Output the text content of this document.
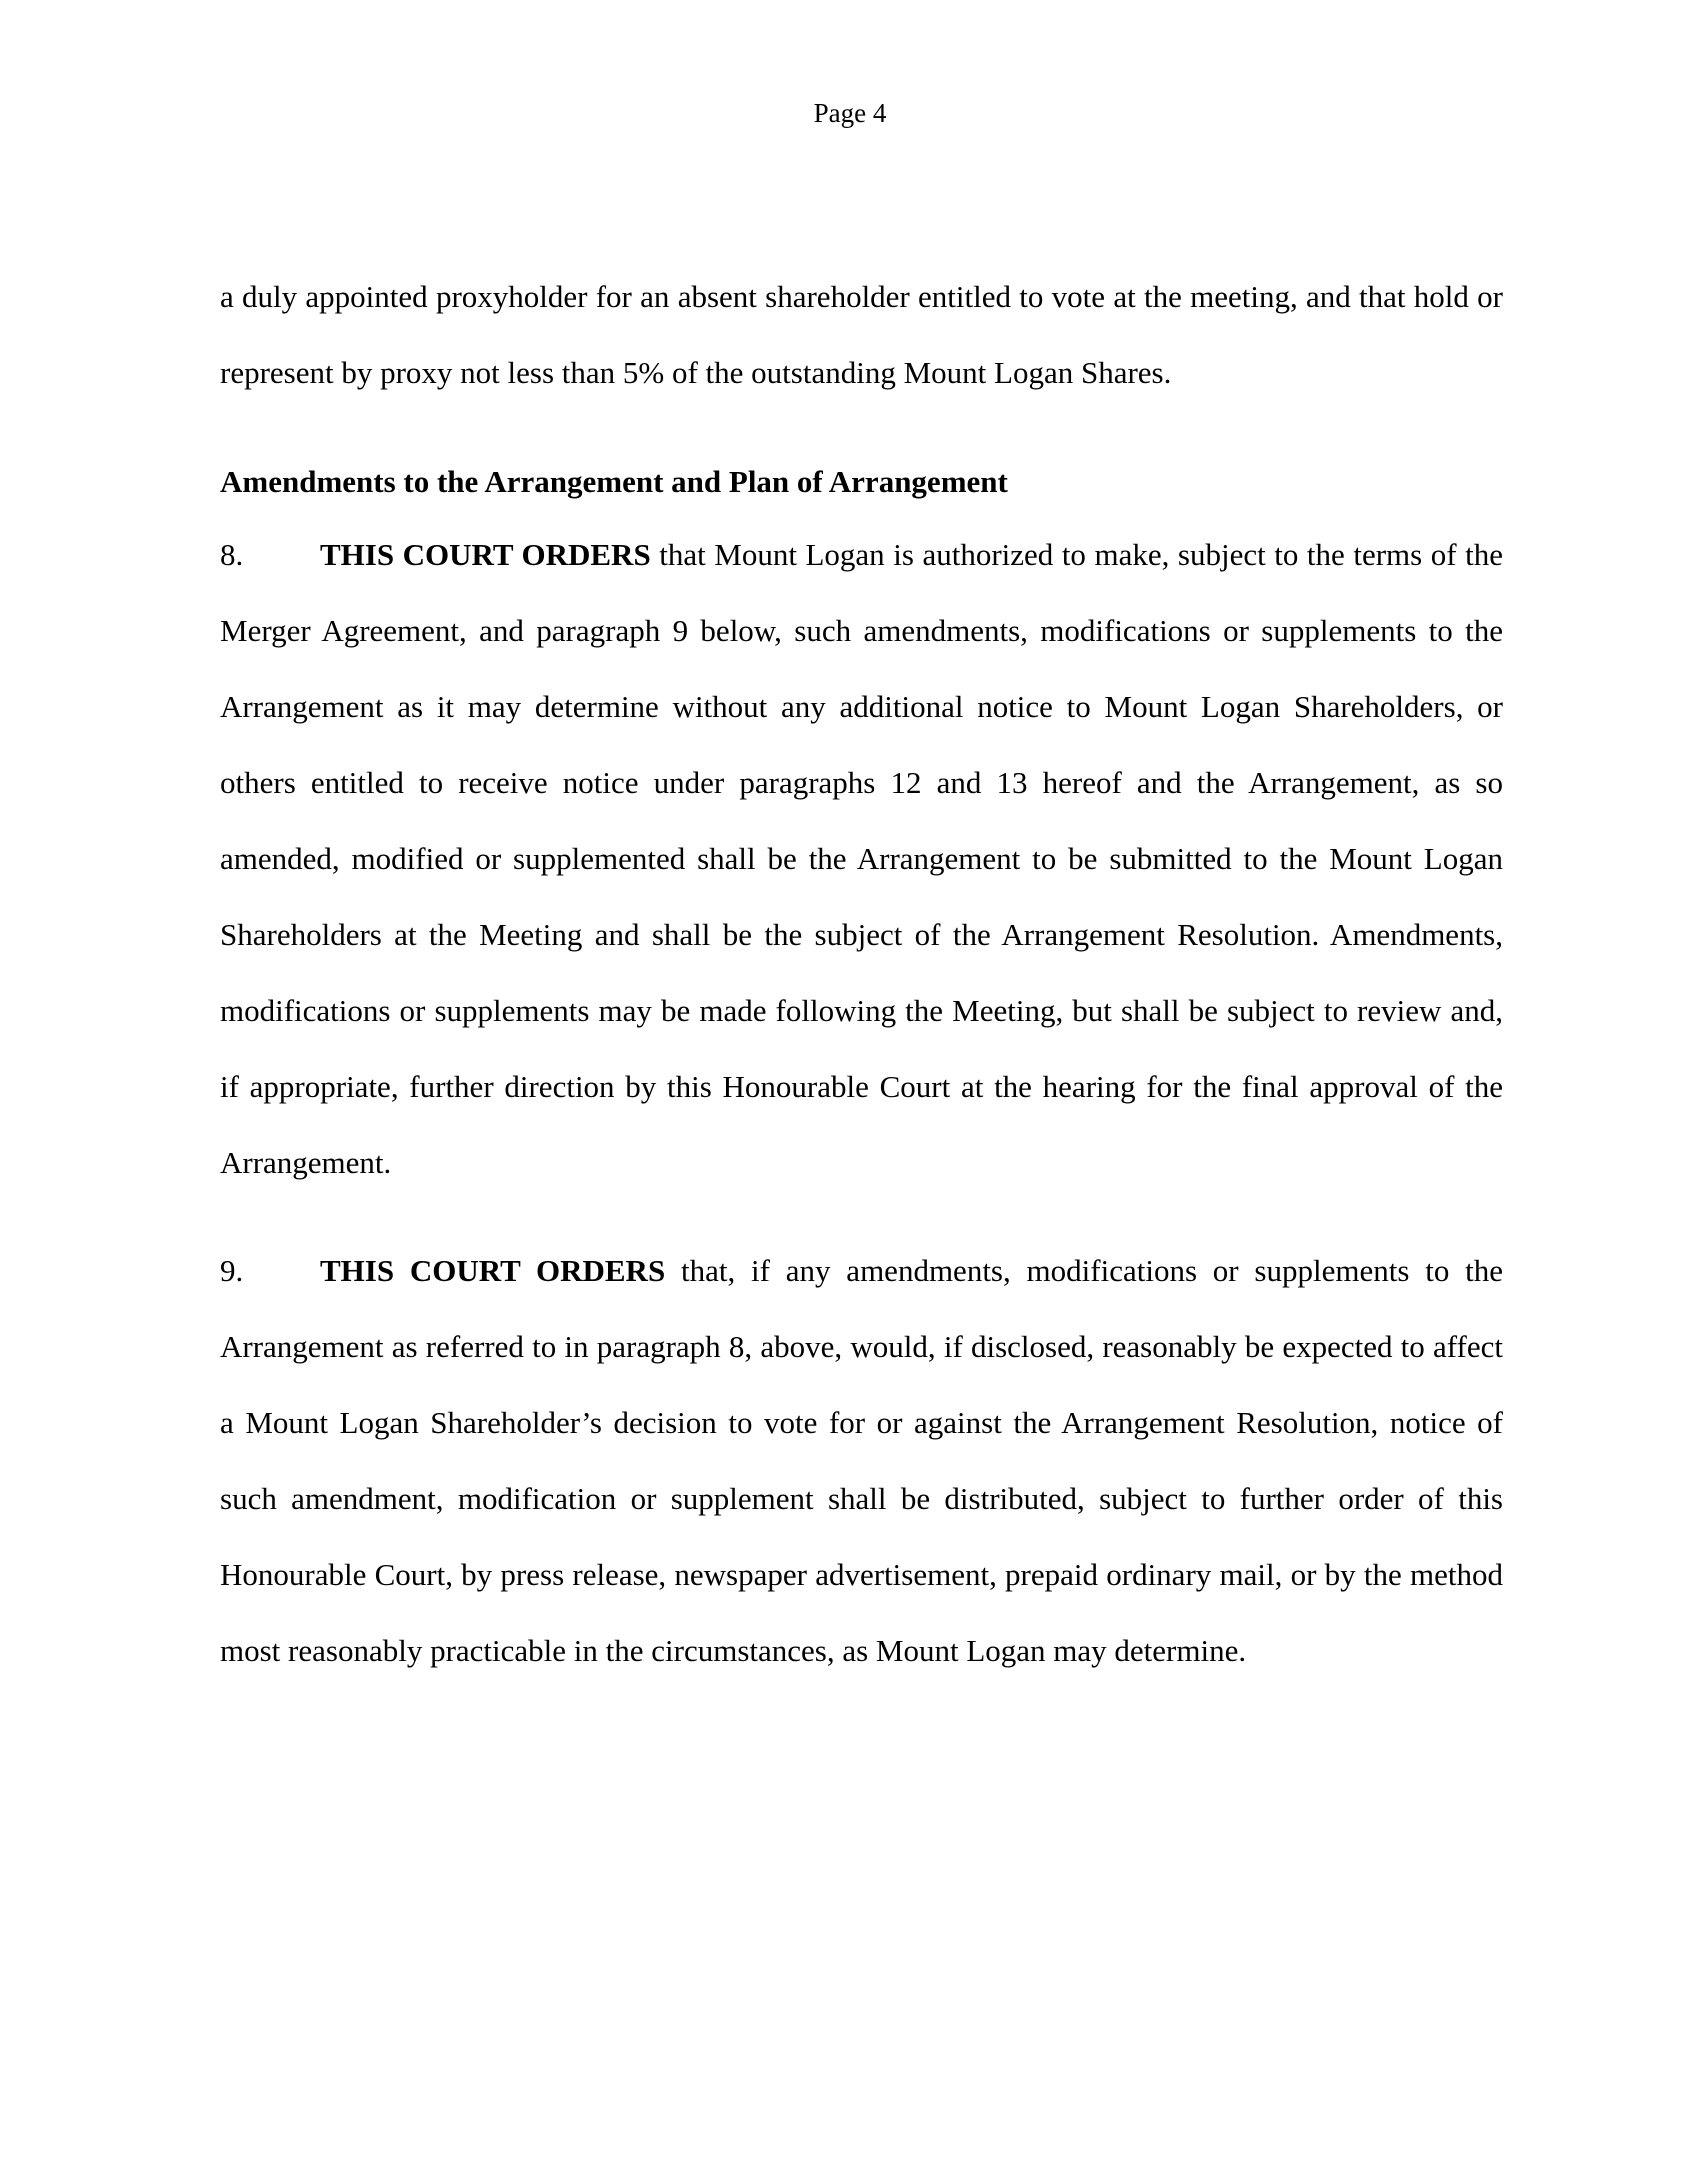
Page 4

a duly appointed proxyholder for an absent shareholder entitled to vote at the meeting, and that hold or represent by proxy not less than 5% of the outstanding Mount Logan Shares.

Amendments to the Arrangement and Plan of Arrangement

8. THIS COURT ORDERS that Mount Logan is authorized to make, subject to the terms of the Merger Agreement, and paragraph 9 below, such amendments, modifications or supplements to the Arrangement as it may determine without any additional notice to Mount Logan Shareholders, or others entitled to receive notice under paragraphs 12 and 13 hereof and the Arrangement, as so amended, modified or supplemented shall be the Arrangement to be submitted to the Mount Logan Shareholders at the Meeting and shall be the subject of the Arrangement Resolution. Amendments, modifications or supplements may be made following the Meeting, but shall be subject to review and, if appropriate, further direction by this Honourable Court at the hearing for the final approval of the Arrangement.

9. THIS COURT ORDERS that, if any amendments, modifications or supplements to the Arrangement as referred to in paragraph 8, above, would, if disclosed, reasonably be expected to affect a Mount Logan Shareholder’s decision to vote for or against the Arrangement Resolution, notice of such amendment, modification or supplement shall be distributed, subject to further order of this Honourable Court, by press release, newspaper advertisement, prepaid ordinary mail, or by the method most reasonably practicable in the circumstances, as Mount Logan may determine.
